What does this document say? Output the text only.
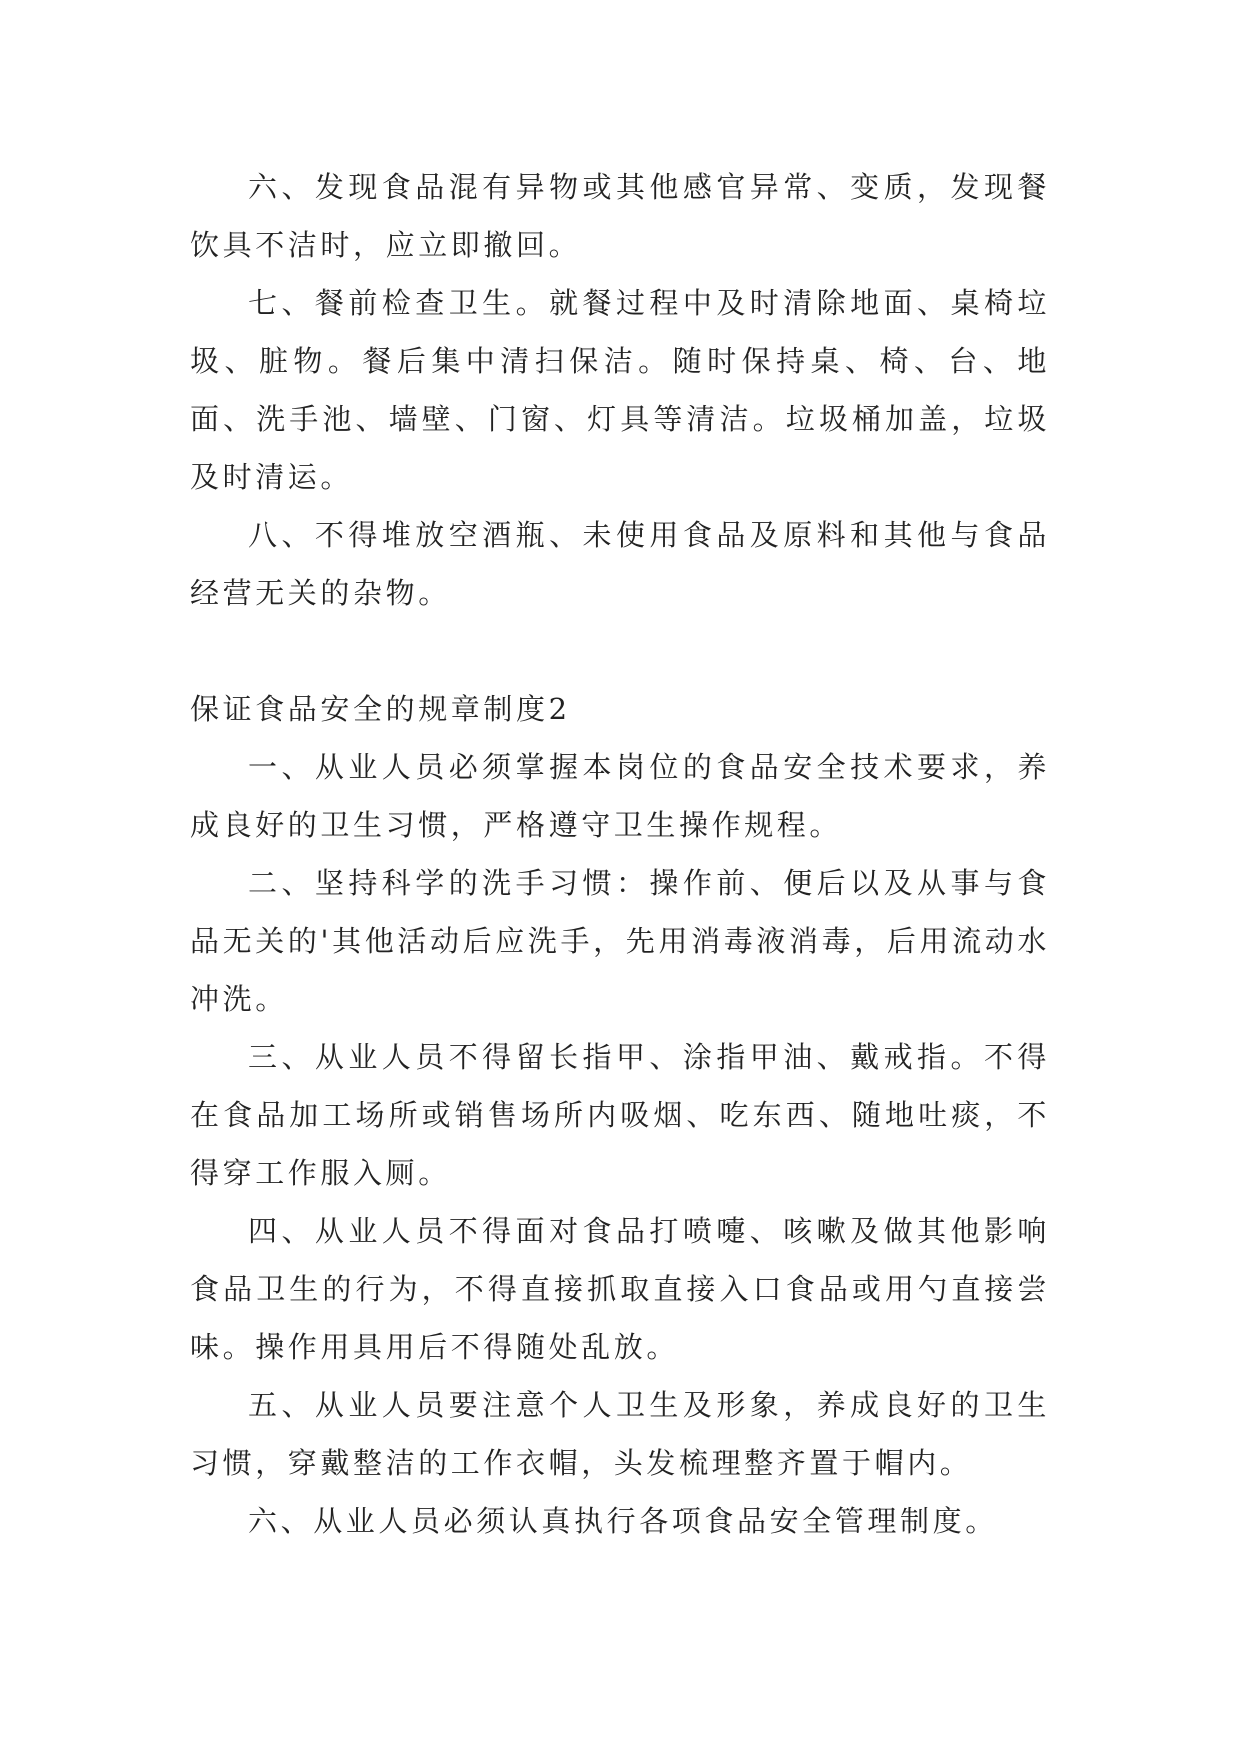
六、发现食品混有异物或其他感官异常、变质，发现餐饮具不洁时，应立即撤回。

七、餐前检查卫生。就餐过程中及时清除地面、桌椅垃圾、脏物。餐后集中清扫保洁。随时保持桌、椅、台、地面、洗手池、墙壁、门窗、灯具等清洁。垃圾桶加盖，垃圾及时清运。

八、不得堆放空酒瓶、未使用食品及原料和其他与食品经营无关的杂物。

保证食品安全的规章制度2

一、从业人员必须掌握本岗位的食品安全技术要求，养成良好的卫生习惯，严格遵守卫生操作规程。

二、坚持科学的洗手习惯：操作前、便后以及从事与食品无关的'其他活动后应洗手，先用消毒液消毒，后用流动水冲洗。

三、从业人员不得留长指甲、涂指甲油、戴戒指。不得在食品加工场所或销售场所内吸烟、吃东西、随地吐痰，不得穿工作服入厕。

四、从业人员不得面对食品打喷嚏、咳嗽及做其他影响食品卫生的行为，不得直接抓取直接入口食品或用勺直接尝味。操作用具用后不得随处乱放。

五、从业人员要注意个人卫生及形象，养成良好的卫生习惯，穿戴整洁的工作衣帽，头发梳理整齐置于帽内。

六、从业人员必须认真执行各项食品安全管理制度。
